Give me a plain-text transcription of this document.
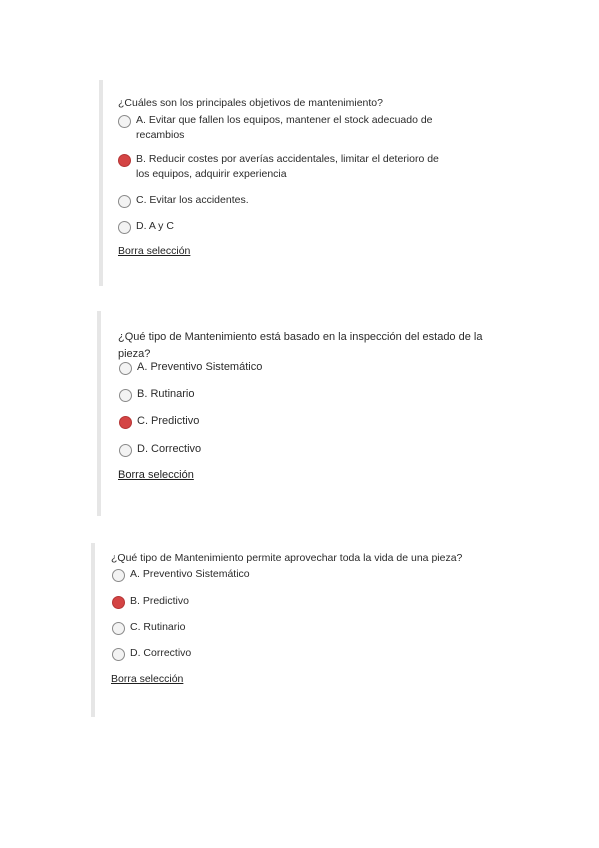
¿Cuáles son los principales objetivos de mantenimiento?

A. Evitar que fallen los equipos, mantener el stock adecuado de recambios
B. Reducir costes por averías accidentales, limitar el deterioro de los equipos, adquirir experiencia
C. Evitar los accidentes.
D. A y C
Borra selección

¿Qué tipo de Mantenimiento está basado en la inspección del estado de la pieza?

A. Preventivo Sistemático
B. Rutinario
C. Predictivo
D. Correctivo
Borra selección

¿Qué tipo de Mantenimiento permite aprovechar toda la vida de una pieza?

A. Preventivo Sistemático
B. Predictivo
C. Rutinario
D. Correctivo
Borra selección
